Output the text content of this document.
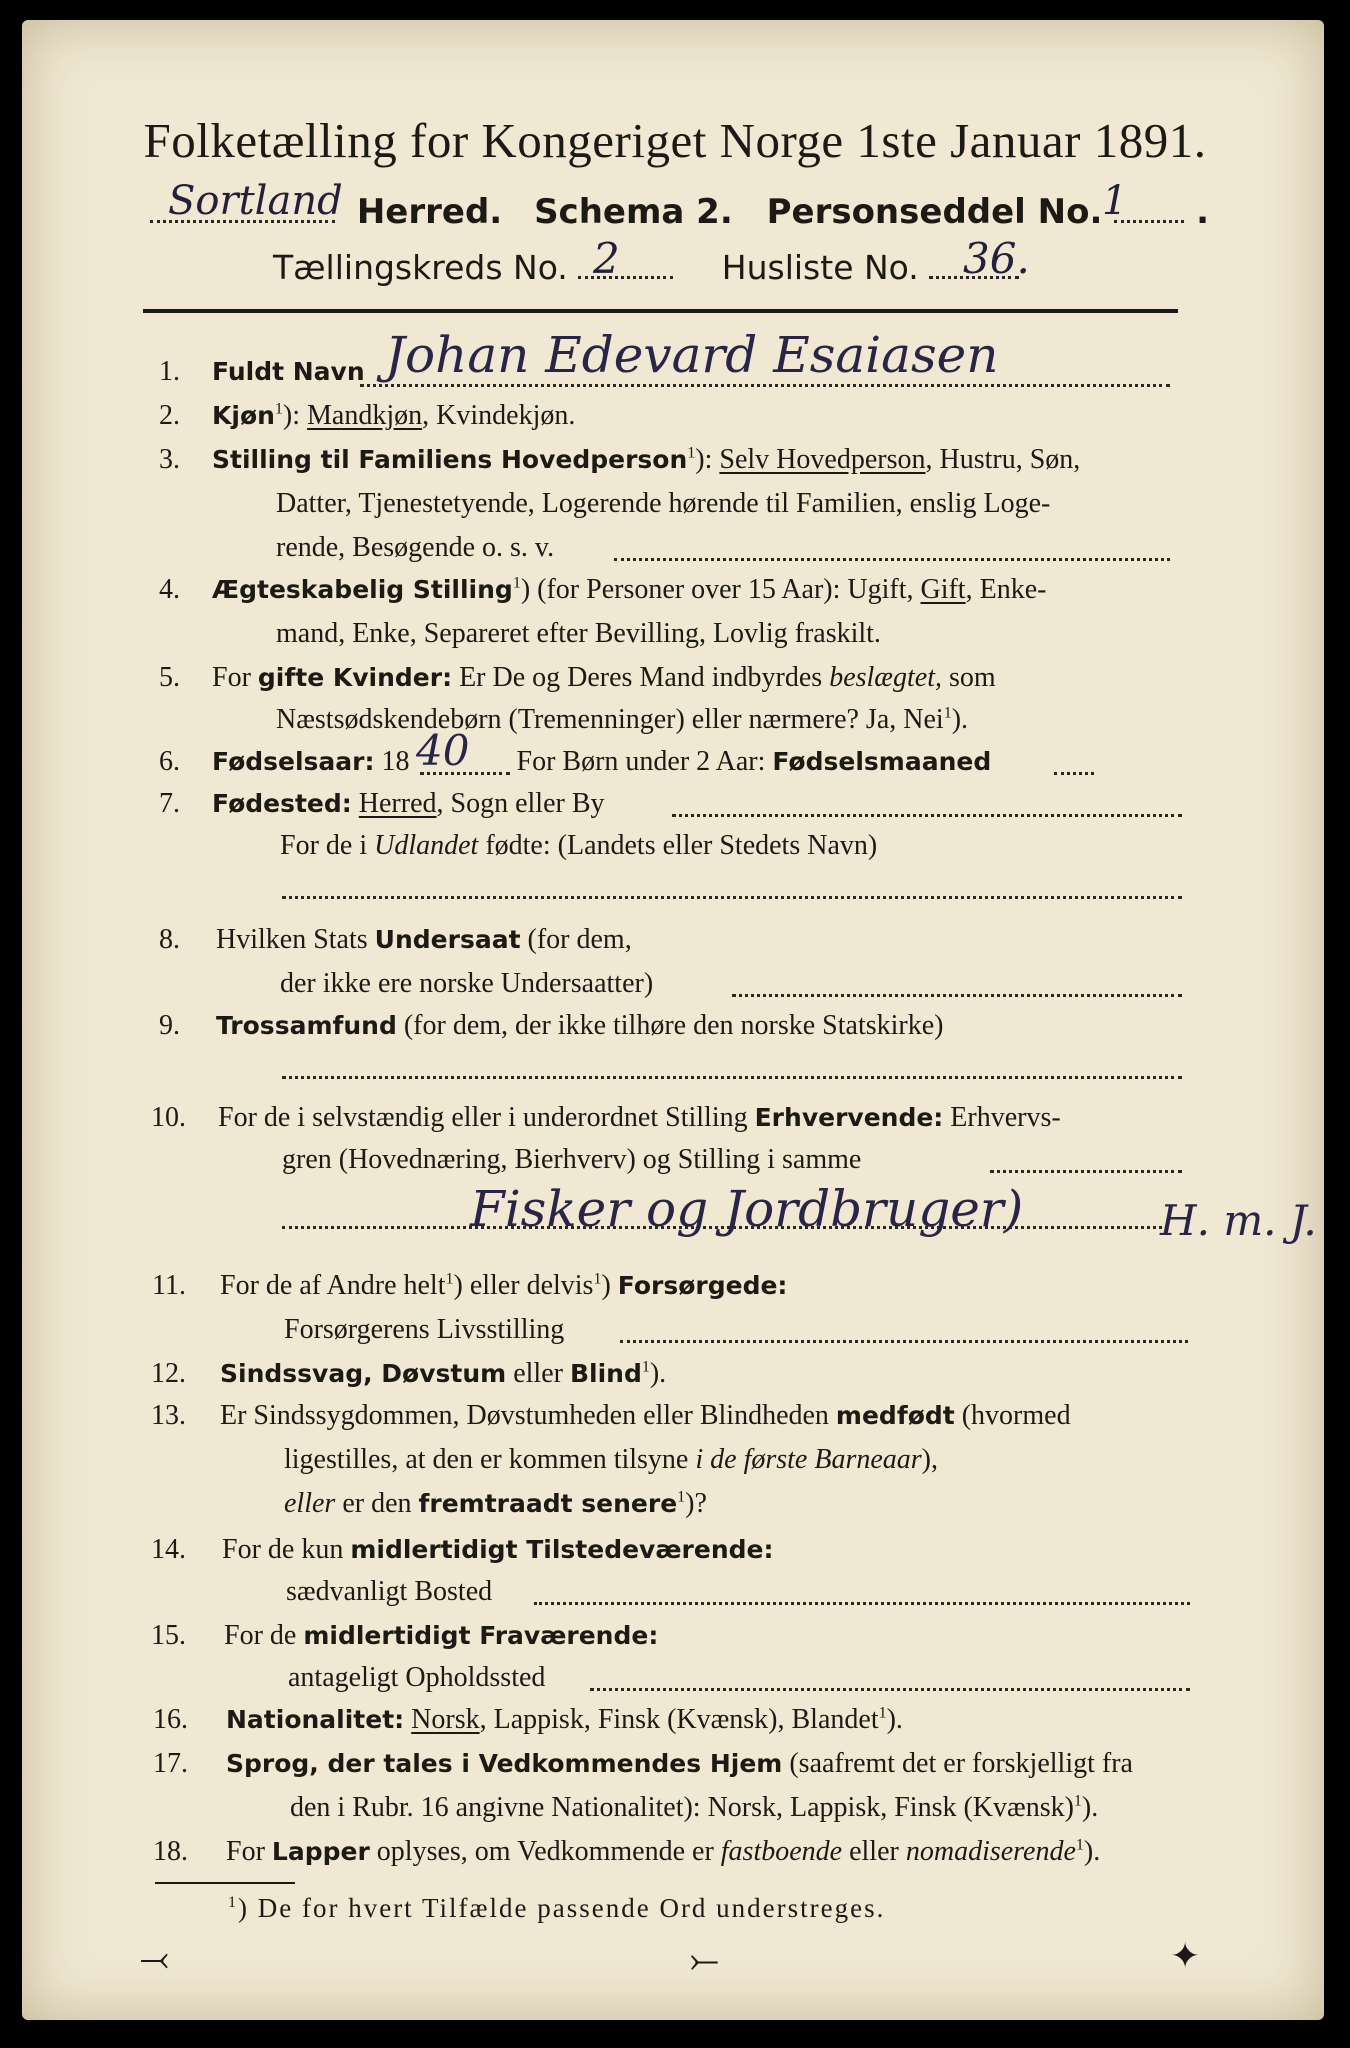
Folketælling for Kongeriget Norge 1ste Januar 1891.

Sortland Herred. Schema 2. Personseddel No. 1 .
Tællingskreds No. 2	Husliste No. 36.
1. Fuldt Navn Johan Edevard Esaiasen
2. Kjøn$^1$): Mandkjøn, Kvindekjøn.
3. Stilling til Familiens Hovedperson$^1$): Selv Hovedperson, Hustru, Søn,
Datter, Tjenestetyende, Logerende hørende til Familien, enslig Loge-
rende, Besøgende o. s. v.
4. Ægteskabelig Stilling$^1$) (for Personer over 15 Aar): Ugift, Gift, Enke-
mand, Enke, Separeret efter Bevilling, Lovlig fraskilt.
5. For gifte Kvinder: Er De og Deres Mand indbyrdes beslægtet, som
Næstsødskendebørn (Tremenninger) eller nærmere? Ja, Nei$^1$).
6. Fødselsaar: 18	For Børn under 2 Aar: Fødselsmaaned
40
7. Fødested: Herred, Sogn eller By
For de i Udlandet fødte: (Landets eller Stedets Navn)
8. Hvilken Stats Undersaat (for dem,
der ikke ere norske Undersaatter)
9. Trossamfund (for dem, der ikke tilhøre den norske Statskirke)
10. For de i selvstændig eller i underordnet Stilling Erhvervende: Erhvervs-
gren (Hovednæring, Bierhverv) og Stilling i samme
Fisker og Jordbruger)	H. m. J.
11. For de af Andre helt$^1$) eller delvis$^1$) Forsørgede:
Forsørgerens Livsstilling
12. Sindssvag, Døvstum eller Blind$^1$).
13. Er Sindssygdommen, Døvstumheden eller Blindheden medfødt (hvormed
ligestilles, at den er kommen tilsyne i de første Barneaar),
eller er den fremtraadt senere$^1$)?
14. For de kun midlertidigt Tilstedeværende:
sædvanligt Bosted
15. For de midlertidigt Fraværende:
antageligt Opholdssted
16. Nationalitet: Norsk, Lappisk, Finsk (Kvænsk), Blandet$^1$).
17. Sprog, der tales i Vedkommendes Hjem (saafremt det er forskjelligt fra
den i Rubr. 16 angivne Nationalitet): Norsk, Lappisk, Finsk (Kvænsk)$^1$).
18. For Lapper oplyses, om Vedkommende er fastboende eller nomadiserende$^1$).
$^1$) De for hvert Tilfælde passende Ord understreges.
⤙	⤚	✦
